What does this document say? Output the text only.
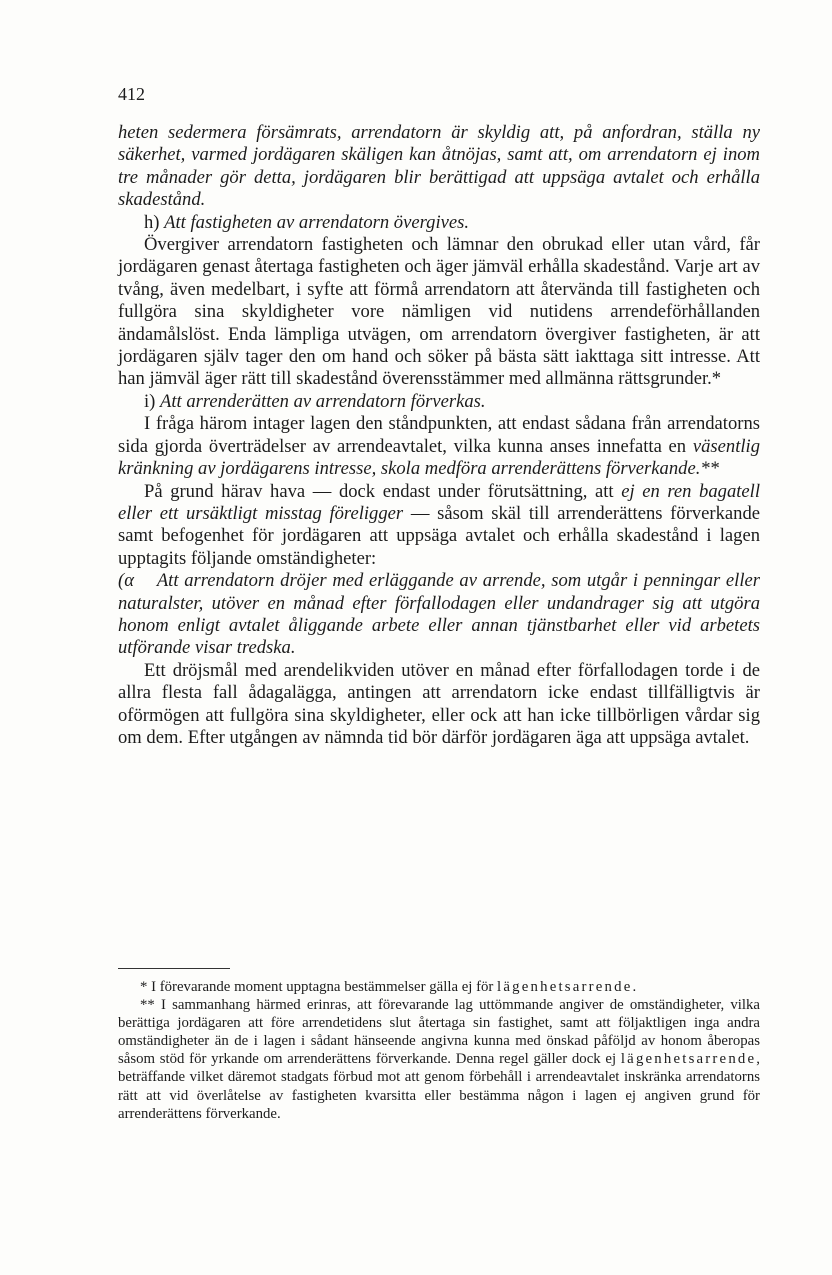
412

heten sedermera försämrats, arrendatorn är skyldig att, på anfordran, ställa ny säkerhet, varmed jordägaren skäligen kan åtnöjas, samt att, om arrendatorn ej inom tre månader gör detta, jordägaren blir berättigad att uppsäga avtalet och erhålla skadestånd.

h) Att fastigheten av arrendatorn övergives.

Övergiver arrendatorn fastigheten och lämnar den obrukad eller utan vård, får jordägaren genast återtaga fastigheten och äger jämväl erhålla skadestånd. Varje art av tvång, även medelbart, i syfte att förmå arrendatorn att återvända till fastigheten och fullgöra sina skyldigheter vore nämligen vid nutidens arrendeförhållanden ändamålslöst. Enda lämpliga utvägen, om arrendatorn övergiver fastigheten, är att jordägaren själv tager den om hand och söker på bästa sätt iakttaga sitt intresse. Att han jämväl äger rätt till skadestånd överensstämmer med allmänna rättsgrunder.*

i) Att arrenderätten av arrendatorn förverkas.

I fråga härom intager lagen den ståndpunkten, att endast sådana från arrendatorns sida gjorda överträdelser av arrendeavtalet, vilka kunna anses innefatta en väsentlig kränkning av jordägarens intresse, skola medföra arrenderättens förverkande.**

På grund härav hava — dock endast under förutsättning, att ej en ren bagatell eller ett ursäktligt misstag föreligger — såsom skäl till arrenderättens förverkande samt befogenhet för jordägaren att uppsäga avtalet och erhålla skadestånd i lagen upptagits följande omständigheter:

(α Att arrendatorn dröjer med erläggande av arrende, som utgår i penningar eller naturalster, utöver en månad efter förfallodagen eller undandrager sig att utgöra honom enligt avtalet åliggande arbete eller annan tjänstbarhet eller vid arbetets utförande visar tredska.

Ett dröjsmål med arendelikviden utöver en månad efter förfallodagen torde i de allra flesta fall ådagalägga, antingen att arrendatorn icke endast tillfälligtvis är oförmögen att fullgöra sina skyldigheter, eller ock att han icke tillbörligen vårdar sig om dem. Efter utgången av nämnda tid bör därför jordägaren äga att uppsäga avtalet.

* I förevarande moment upptagna bestämmelser gälla ej för lägenhetsarrende.

** I sammanhang härmed erinras, att förevarande lag uttömmande angiver de omständigheter, vilka berättiga jordägaren att före arrendetidens slut återtaga sin fastighet, samt att följaktligen inga andra omständigheter än de i lagen i sådant hänseende angivna kunna med önskad påföljd av honom åberopas såsom stöd för yrkande om arrenderättens förverkande. Denna regel gäller dock ej lägenhetsarrende, beträffande vilket däremot stadgats förbud mot att genom förbehåll i arrendeavtalet inskränka arrendatorns rätt att vid överlåtelse av fastigheten kvarsitta eller bestämma någon i lagen ej angiven grund för arrenderättens förverkande.
